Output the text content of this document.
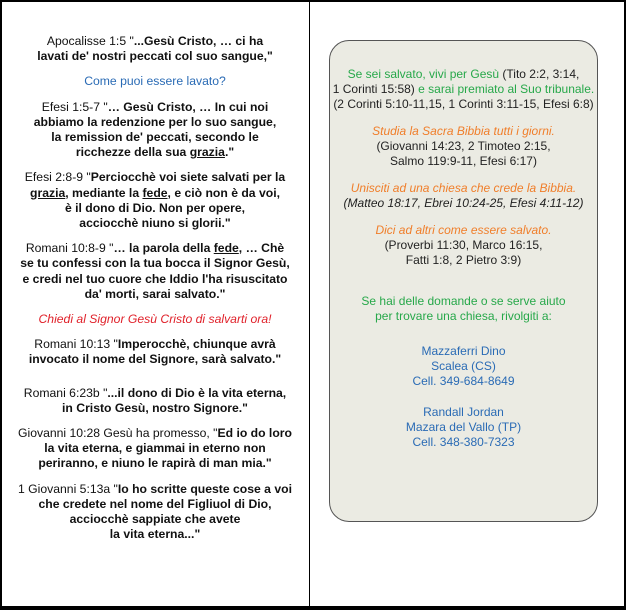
Apocalisse 1:5 "...Gesù Cristo, … ci ha
lavati de' nostri peccati col suo sangue,"

Come puoi essere lavato?

Efesi 1:5-7 "… Gesù Cristo, … In cui noi
abbiamo la redenzione per lo suo sangue,
la remission de' peccati, secondo le
ricchezze della sua grazia."

Efesi 2:8-9 "Perciocchè voi siete salvati per la
grazia, mediante la fede, e ciò non è da voi,
è il dono di Dio. Non per opere,
acciocchè niuno si glorii."

Romani 10:8-9 "… la parola della fede, … Chè
se tu confessi con la tua bocca il Signor Gesù,
e credi nel tuo cuore che Iddio l'ha risuscitato
da' morti, sarai salvato."

Chiedi al Signor Gesù Cristo di salvarti ora!

Romani 10:13 "Imperocchè, chiunque avrà
invocato il nome del Signore, sarà salvato."

Romani 6:23b "...il dono di Dio è la vita eterna,
in Cristo Gesù, nostro Signore."

Giovanni 10:28 Gesù ha promesso, "Ed io do loro
la vita eterna, e giammai in eterno non
periranno, e niuno le rapirà di man mia."

1 Giovanni 5:13a "Io ho scritte queste cose a voi
che credete nel nome del Figliuol di Dio,
acciocchè sappiate che avete
la vita eterna..."

Se sei salvato, vivi per Gesù (Tito 2:2, 3:14,
1 Corinti 15:58) e sarai premiato al Suo tribunale.
(2 Corinti 5:10-11,15, 1 Corinti 3:11-15, Efesi 6:8)

Studia la Sacra Bibbia tutti i giorni.
(Giovanni 14:23, 2 Timoteo 2:15,
Salmo 119:9-11, Efesi 6:17)

Unisciti ad una chiesa che crede la Bibbia.
(Matteo 18:17, Ebrei 10:24-25, Efesi 4:11-12)

Dici ad altri come essere salvato.
(Proverbi 11:30, Marco 16:15,
Fatti 1:8, 2 Pietro 3:9)

Se hai delle domande o se serve aiuto
per trovare una chiesa, rivolgiti a:

Mazzaferri Dino
Scalea (CS)
Cell. 349-684-8649

Randall Jordan
Mazara del Vallo (TP)
Cell. 348-380-7323
